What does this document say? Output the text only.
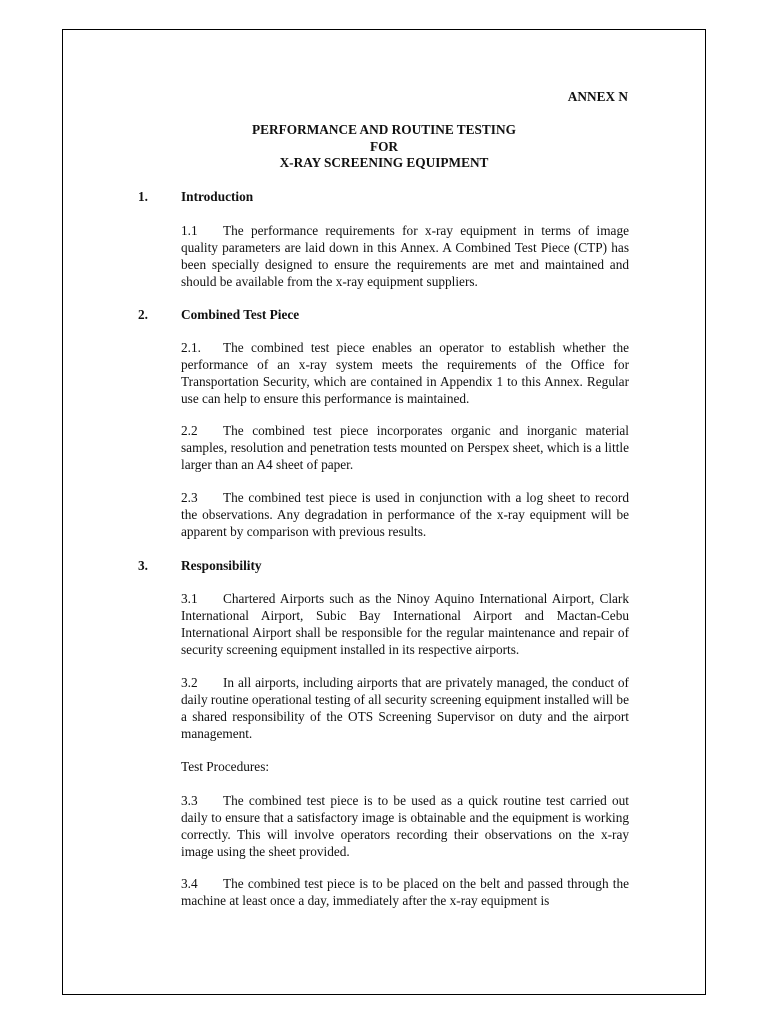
ANNEX N
PERFORMANCE AND ROUTINE TESTING
FOR
X-RAY SCREENING EQUIPMENT
1. Introduction

1.1 The performance requirements for x-ray equipment in terms of image quality parameters are laid down in this Annex. A Combined Test Piece (CTP) has been specially designed to ensure the requirements are met and maintained and should be available from the x-ray equipment suppliers.

2. Combined Test Piece

2.1. The combined test piece enables an operator to establish whether the performance of an x-ray system meets the requirements of the Office for Transportation Security, which are contained in Appendix 1 to this Annex. Regular use can help to ensure this performance is maintained.

2.2 The combined test piece incorporates organic and inorganic material samples, resolution and penetration tests mounted on Perspex sheet, which is a little larger than an A4 sheet of paper.

2.3 The combined test piece is used in conjunction with a log sheet to record the observations. Any degradation in performance of the x-ray equipment will be apparent by comparison with previous results.

3. Responsibility

3.1 Chartered Airports such as the Ninoy Aquino International Airport, Clark International Airport, Subic Bay International Airport and Mactan-Cebu International Airport shall be responsible for the regular maintenance and repair of security screening equipment installed in its respective airports.

3.2 In all airports, including airports that are privately managed, the conduct of daily routine operational testing of all security screening equipment installed will be a shared responsibility of the OTS Screening Supervisor on duty and the airport management.

Test Procedures:

3.3 The combined test piece is to be used as a quick routine test carried out daily to ensure that a satisfactory image is obtainable and the equipment is working correctly. This will involve operators recording their observations on the x-ray image using the sheet provided.

3.4 The combined test piece is to be placed on the belt and passed through the machine at least once a day, immediately after the x-ray equipment is
